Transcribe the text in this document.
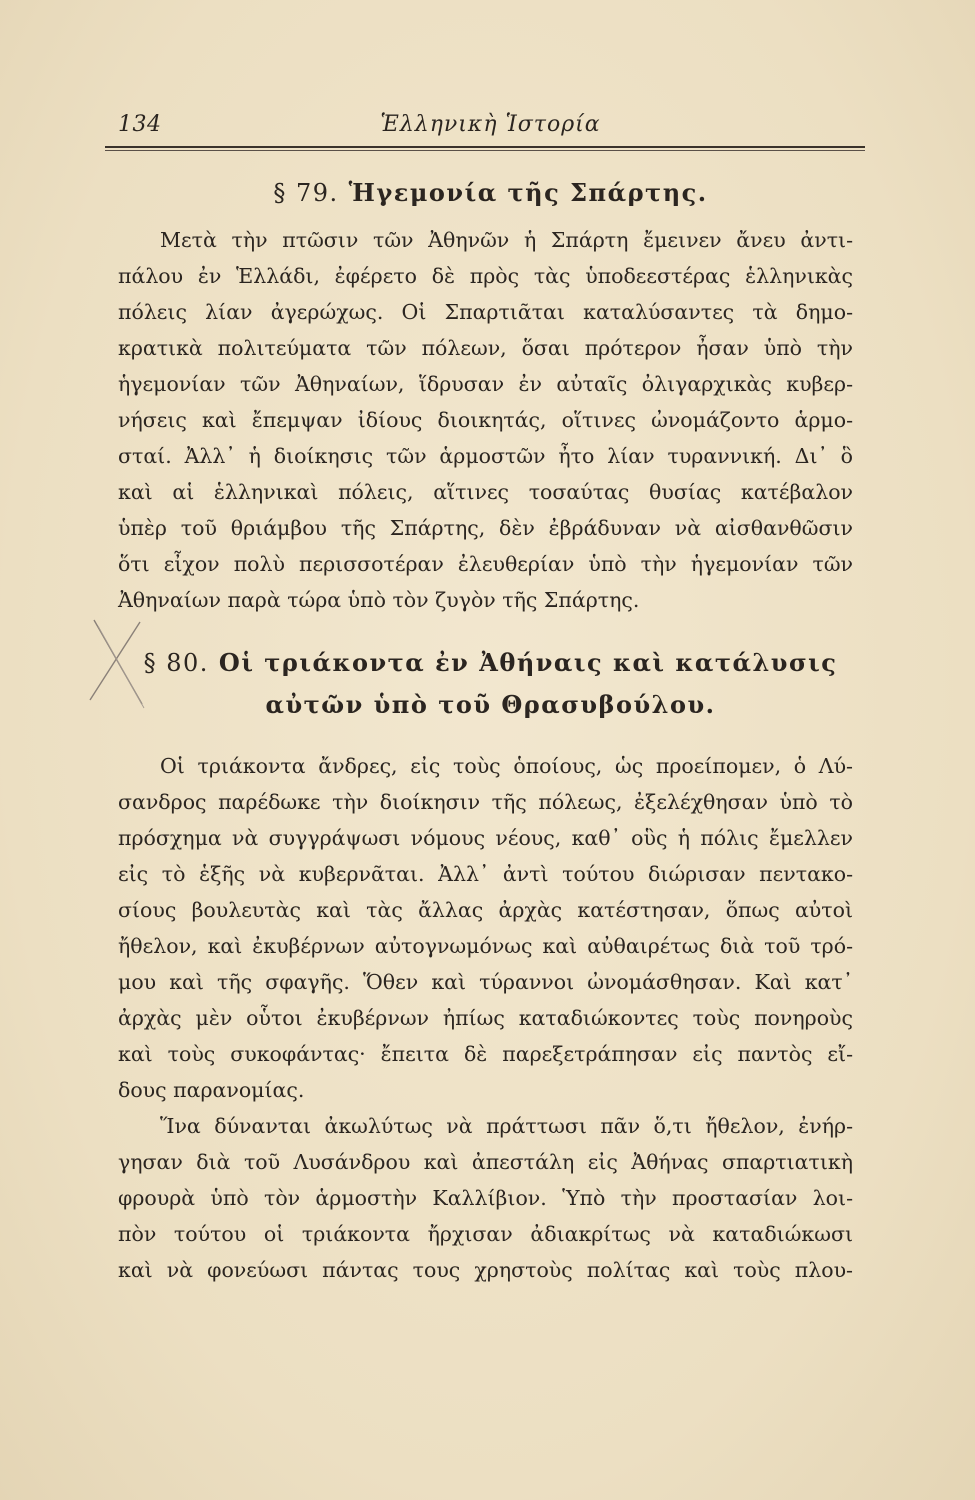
134	Ἑλληνικὴ Ἱστορία
§ 79. Ἡγεμονία τῆς Σπάρτης.
Μετὰ τὴν πτῶσιν τῶν Ἀθηνῶν ἡ Σπάρτη ἔμεινεν ἄνευ ἀντι-
πάλου ἐν Ἑλλάδι, ἐφέρετο δὲ πρὸς τὰς ὑποδεεστέρας ἑλληνικὰς
πόλεις λίαν ἀγερώχως. Οἱ Σπαρτιᾶται καταλύσαντες τὰ δημο-
κρατικὰ πολιτεύματα τῶν πόλεων, ὅσαι πρότερον ἦσαν ὑπὸ τὴν
ἡγεμονίαν τῶν Ἀθηναίων, ἵδρυσαν ἐν αὐταῖς ὀλιγαρχικὰς κυβερ-
νήσεις καὶ ἔπεμψαν ἰδίους διοικητάς, οἵτινες ὠνομάζοντο ἁρμο-
σταί. Ἀλλ᾽ ἡ διοίκησις τῶν ἁρμοστῶν ἦτο λίαν τυραννική. Δι᾽ ὃ
καὶ αἱ ἑλληνικαὶ πόλεις, αἵτινες τοσαύτας θυσίας κατέβαλον
ὑπὲρ τοῦ θριάμβου τῆς Σπάρτης, δὲν ἐβράδυναν νὰ αἰσθανθῶσιν
ὅτι εἶχον πολὺ περισσοτέραν ἐλευθερίαν ὑπὸ τὴν ἡγεμονίαν τῶν
Ἀθηναίων παρὰ τώρα ὑπὸ τὸν ζυγὸν τῆς Σπάρτης.
§ 80. Οἱ τριάκοντα ἐν Ἀθήναις καὶ κατάλυσις
αὐτῶν ὑπὸ τοῦ Θρασυβούλου.
Οἱ τριάκοντα ἄνδρες, εἰς τοὺς ὁποίους, ὡς προείπομεν, ὁ Λύ-
σανδρος παρέδωκε τὴν διοίκησιν τῆς πόλεως, ἐξελέχθησαν ὑπὸ τὸ
πρόσχημα νὰ συγγράψωσι νόμους νέους, καθ᾽ οὓς ἡ πόλις ἔμελλεν
εἰς τὸ ἑξῆς νὰ κυβερνᾶται. Ἀλλ᾽ ἀντὶ τούτου διώρισαν πεντακο-
σίους βουλευτὰς καὶ τὰς ἄλλας ἀρχὰς κατέστησαν, ὅπως αὐτοὶ
ἤθελον, καὶ ἐκυβέρνων αὐτογνωμόνως καὶ αὐθαιρέτως διὰ τοῦ τρό-
μου καὶ τῆς σφαγῆς. Ὅθεν καὶ τύραννοι ὠνομάσθησαν. Καὶ κατ᾽
ἀρχὰς μὲν οὗτοι ἐκυβέρνων ἠπίως καταδιώκοντες τοὺς πονηροὺς
καὶ τοὺς συκοφάντας· ἔπειτα δὲ παρεξετράπησαν εἰς παντὸς εἴ-
δους παρανομίας.
Ἵνα δύνανται ἀκωλύτως νὰ πράττωσι πᾶν ὅ,τι ἤθελον, ἐνήρ-
γησαν διὰ τοῦ Λυσάνδρου καὶ ἀπεστάλη εἰς Ἀθήνας σπαρτιατικὴ
φρουρὰ ὑπὸ τὸν ἁρμοστὴν Καλλίβιον. Ὑπὸ τὴν προστασίαν λοι-
πὸν τούτου οἱ τριάκοντα ἤρχισαν ἀδιακρίτως νὰ καταδιώκωσι
καὶ νὰ φονεύωσι πάντας τους χρηστοὺς πολίτας καὶ τοὺς πλου-
